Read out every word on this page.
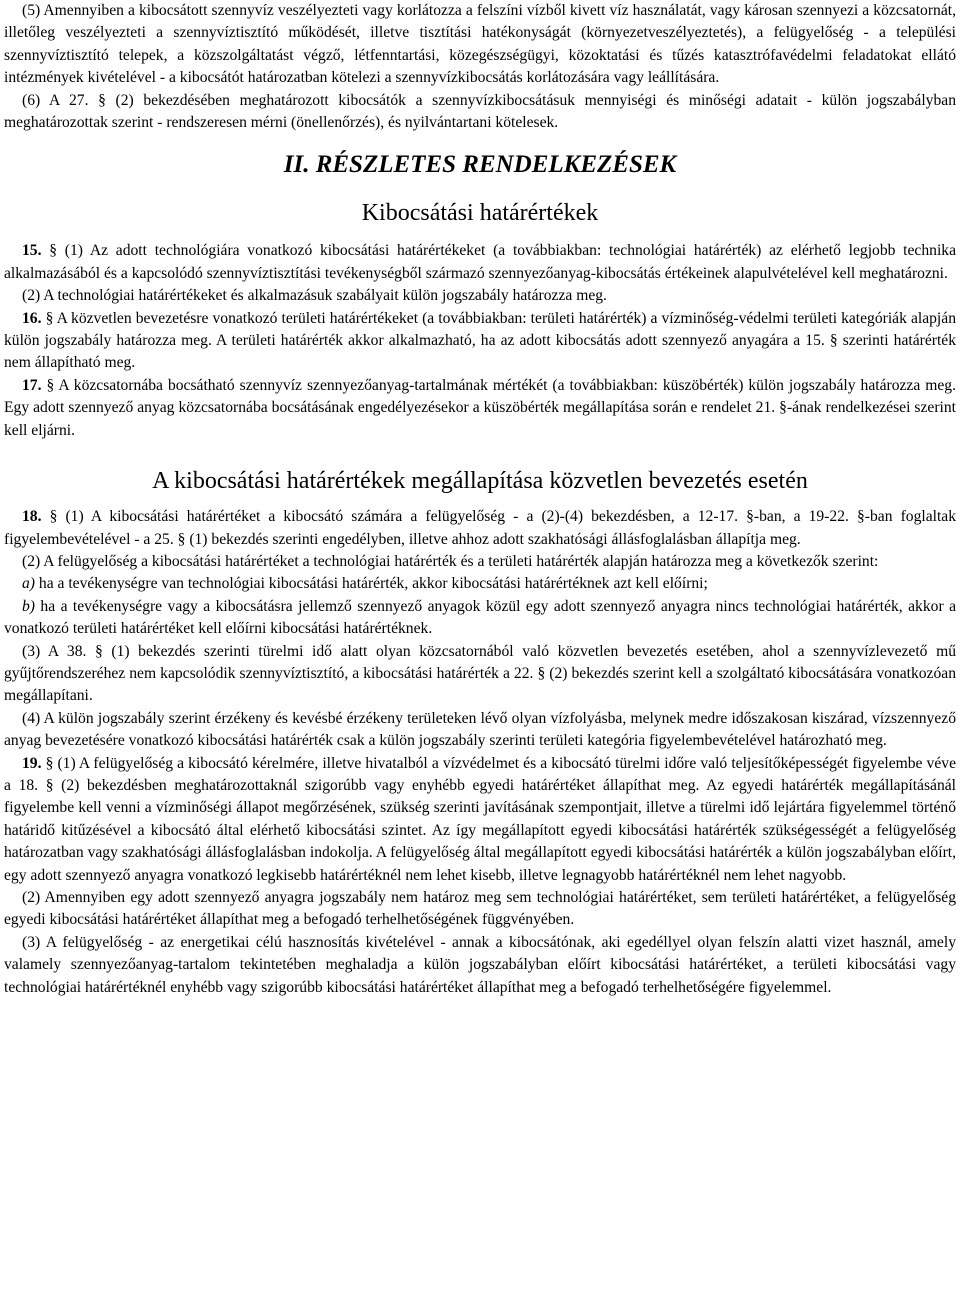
(5) Amennyiben a kibocsátott szennyvíz veszélyezteti vagy korlátozza a felszíni vízből kivett víz használatát, vagy károsan szennyezi a közcsatornát, illetőleg veszélyezteti a szennyvíztisztító működését, illetve tisztítási hatékonyságát (környezetveszélyeztetés), a felügyelőség - a települési szennyvíztisztító telepek, a közszolgáltatást végző, létfenntartási, közegészségügyi, közoktatási és tűzés katasztrófavédelmi feladatokat ellátó intézmények kivételével - a kibocsátót határozatban kötelezi a szennyvízkibocsátás korlátozására vagy leállítására.

(6) A 27. § (2) bekezdésében meghatározott kibocsátók a szennyvízkibocsátásuk mennyiségi és minőségi adatait - külön jogszabályban meghatározottak szerint - rendszeresen mérni (önellenőrzés), és nyilvántartani kötelesek.

II. RÉSZLETES RENDELKEZÉSEK
Kibocsátási határértékek

15. § (1) Az adott technológiára vonatkozó kibocsátási határértékeket (a továbbiakban: technológiai határérték) az elérhető legjobb technika alkalmazásából és a kapcsolódó szennyvíztisztítási tevékenységből származó szennyezőanyag-kibocsátás értékeinek alapulvételével kell meghatározni.

(2) A technológiai határértékeket és alkalmazásuk szabályait külön jogszabály határozza meg.

16. § A közvetlen bevezetésre vonatkozó területi határértékeket (a továbbiakban: területi határérték) a vízminőség-védelmi területi kategóriák alapján külön jogszabály határozza meg. A területi határérték akkor alkalmazható, ha az adott kibocsátás adott szennyező anyagára a 15. § szerinti határérték nem állapítható meg.

17. § A közcsatornába bocsátható szennyvíz szennyezőanyag-tartalmának mértékét (a továbbiakban: küszöbérték) külön jogszabály határozza meg. Egy adott szennyező anyag közcsatornába bocsátásának engedélyezésekor a küszöbérték megállapítása során e rendelet 21. §-ának rendelkezései szerint kell eljárni.

A kibocsátási határértékek megállapítása közvetlen bevezetés esetén

18. § (1) A kibocsátási határértéket a kibocsátó számára a felügyelőség - a (2)-(4) bekezdésben, a 12-17. §-ban, a 19-22. §-ban foglaltak figyelembevételével - a 25. § (1) bekezdés szerinti engedélyben, illetve ahhoz adott szakhatósági állásfoglalásban állapítja meg.

(2) A felügyelőség a kibocsátási határértéket a technológiai határérték és a területi határérték alapján határozza meg a következők szerint:

a) ha a tevékenységre van technológiai kibocsátási határérték, akkor kibocsátási határértéknek azt kell előírni;

b) ha a tevékenységre vagy a kibocsátásra jellemző szennyező anyagok közül egy adott szennyező anyagra nincs technológiai határérték, akkor a vonatkozó területi határértéket kell előírni kibocsátási határértéknek.

(3) A 38. § (1) bekezdés szerinti türelmi idő alatt olyan közcsatornából való közvetlen bevezetés esetében, ahol a szennyvízlevezető mű gyűjtőrendszeréhez nem kapcsolódik szennyvíztisztító, a kibocsátási határérték a 22. § (2) bekezdés szerint kell a szolgáltató kibocsátására vonatkozóan megállapítani.

(4) A külön jogszabály szerint érzékeny és kevésbé érzékeny területeken lévő olyan vízfolyásba, melynek medre időszakosan kiszárad, vízszennyező anyag bevezetésére vonatkozó kibocsátási határérték csak a külön jogszabály szerinti területi kategória figyelembevételével határozható meg.

19. § (1) A felügyelőség a kibocsátó kérelmére, illetve hivatalból a vízvédelmet és a kibocsátó türelmi időre való teljesítőképességét figyelembe véve a 18. § (2) bekezdésben meghatározottaknál szigorúbb vagy enyhébb egyedi határértéket állapíthat meg. Az egyedi határérték megállapításánál figyelembe kell venni a vízminőségi állapot megőrzésének, szükség szerinti javításának szempontjait, illetve a türelmi idő lejártára figyelemmel történő határidő kitűzésével a kibocsátó által elérhető kibocsátási szintet. Az így megállapított egyedi kibocsátási határérték szükségességét a felügyelőség határozatban vagy szakhatósági állásfoglalásban indokolja. A felügyelőség által megállapított egyedi kibocsátási határérték a külön jogszabályban előírt, egy adott szennyező anyagra vonatkozó legkisebb határértéknél nem lehet kisebb, illetve legnagyobb határértéknél nem lehet nagyobb.

(2) Amennyiben egy adott szennyező anyagra jogszabály nem határoz meg sem technológiai határértéket, sem területi határértéket, a felügyelőség egyedi kibocsátási határértéket állapíthat meg a befogadó terhelhetőségének függvényében.

(3) A felügyelőség - az energetikai célú hasznosítás kivételével - annak a kibocsátónak, aki egedéllyel olyan felszín alatti vizet használ, amely valamely szennyezőanyag-tartalom tekintetében meghaladja a külön jogszabályban előírt kibocsátási határértéket, a területi kibocsátási vagy technológiai határértéknél enyhébb vagy szigorúbb kibocsátási határértéket állapíthat meg a befogadó terhelhetőségére figyelemmel.
